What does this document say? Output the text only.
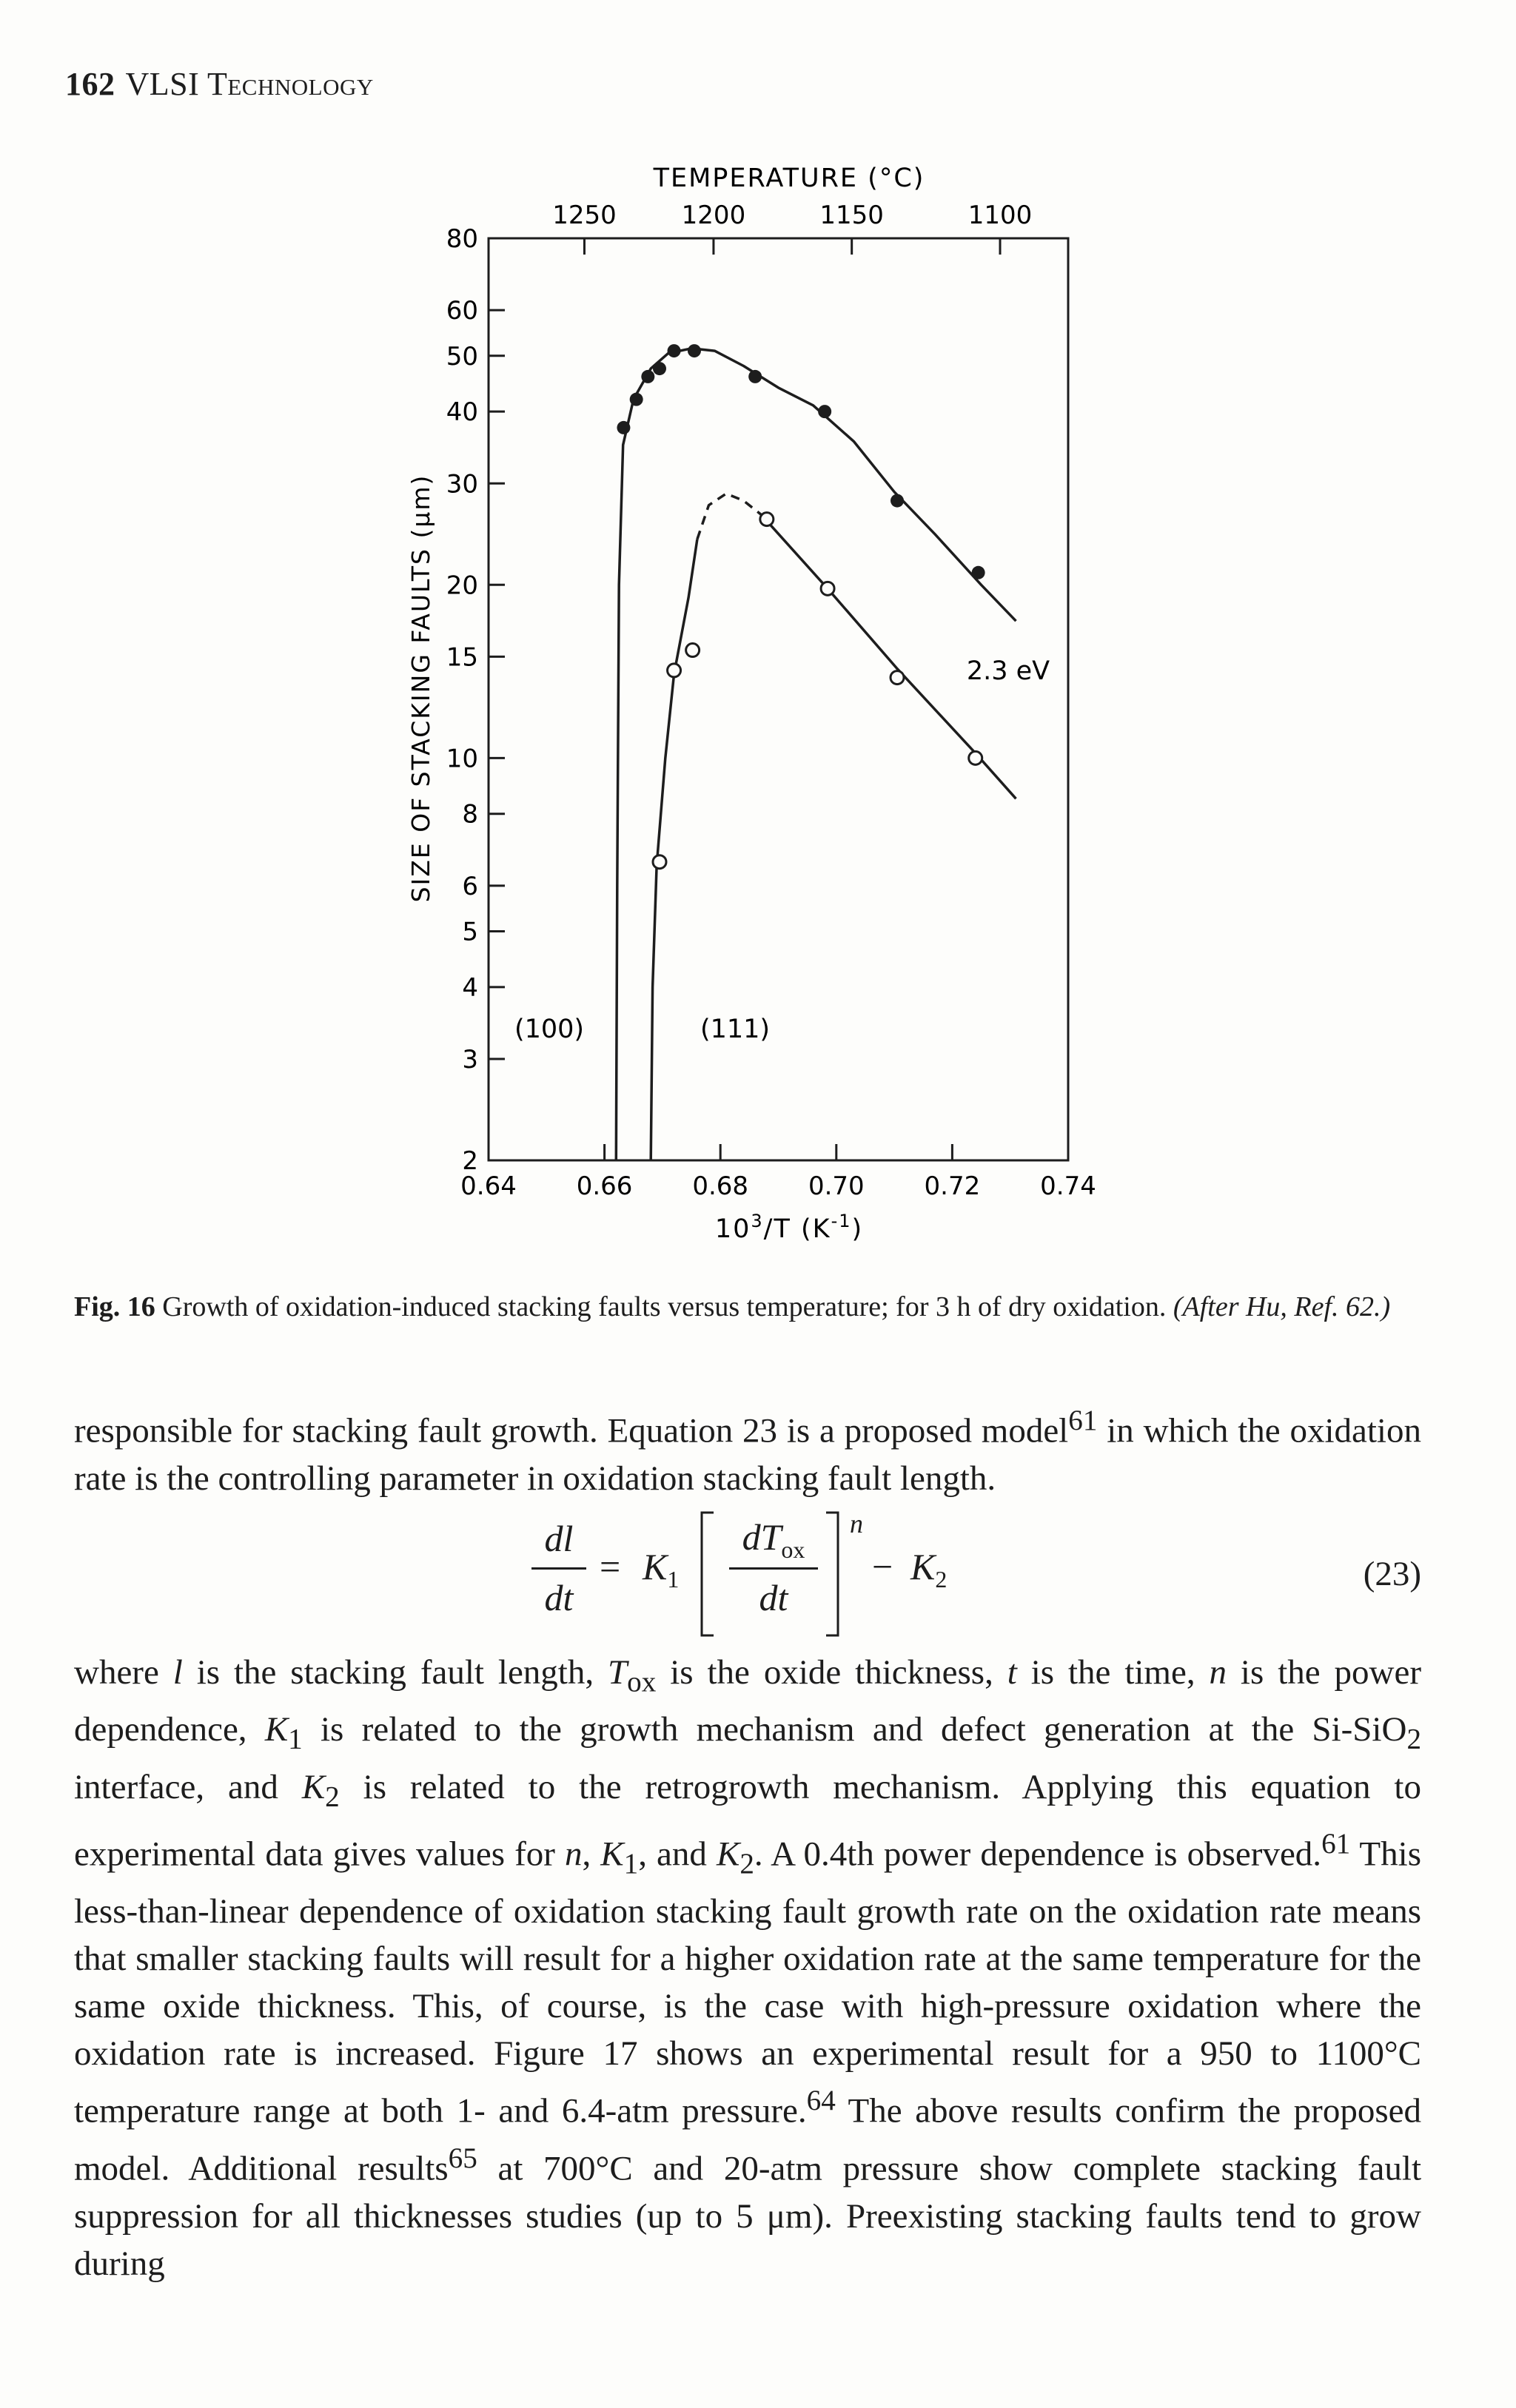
162 VLSI Technology
2
3
4
5
6
8
10
15
20
30
40
50
60
80
0.64 0.66 0.68 0.70 0.72 0.74
1250	1200	1150	1100
TEMPERATURE (°C)
$10^3/T$ $(K^{-1})$
SIZE OF STACKING FAULTS (μm)
(100)	(111)
2.3 eV
Fig. 16 Growth of oxidation-induced stacking faults versus temperature; for 3 h of dry oxidation. (After Hu, Ref. 62.)
responsible for stacking fault growth. Equation 23 is a proposed model$^{61}$ in which the oxidation rate is the controlling parameter in oxidation stacking fault length.
dl
dt
= $K_1$
$dT_{ox}$
dt
n
− $K_2$	(23)
where l is the stacking fault length, $T_{ox}$ is the oxide thickness, t is the time, n is the power dependence, $K_1$ is related to the growth mechanism and defect generation at the Si-SiO$_2$ interface, and $K_2$ is related to the retrogrowth mechanism. Applying this equation to experimental data gives values for n, $K_1$, and $K_2$. A 0.4th power dependence is observed.$^{61}$ This less-than-linear dependence of oxidation stacking fault growth rate on the oxidation rate means that smaller stacking faults will result for a higher oxidation rate at the same temperature for the same oxide thickness. This, of course, is the case with high-pressure oxidation where the oxidation rate is increased. Figure 17 shows an experimental result for a 950 to 1100°C temperature range at both 1- and 6.4-atm pressure.$^{64}$ The above results confirm the proposed model. Additional results$^{65}$ at 700°C and 20-atm pressure show complete stacking fault suppression for all thicknesses studies (up to 5 μm). Preexisting stacking faults tend to grow during
